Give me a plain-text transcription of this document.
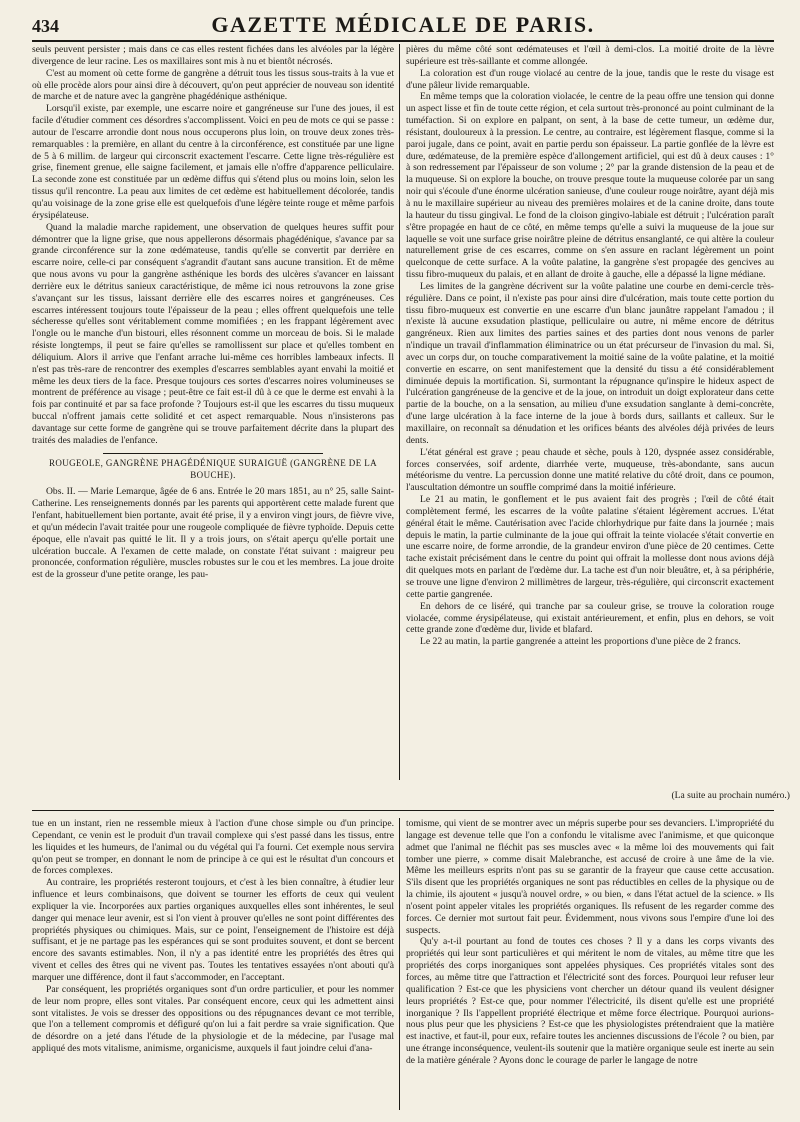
434	GAZETTE MÉDICALE DE PARIS.

seuls peuvent persister ; mais dans ce cas elles restent fichées dans les alvéoles par la légère divergence de leur racine. Les os maxillaires sont mis à nu et bientôt nécrosés.

C'est au moment où cette forme de gangrène a détruit tous les tissus sous-traits à la vue et où elle procède alors pour ainsi dire à découvert, qu'on peut apprécier de nouveau son identité de marche et de nature avec la gangrène phagédénique asthénique.

Lorsqu'il existe, par exemple, une escarre noire et gangréneuse sur l'une des joues, il est facile d'étudier comment ces désordres s'accomplissent. Voici en peu de mots ce qui se passe : autour de l'escarre arrondie dont nous nous occuperons plus loin, on trouve deux zones très-remarquables : la première, en allant du centre à la circonférence, est constituée par une ligne de 5 à 6 millim. de largeur qui circonscrit exactement l'escarre. Cette ligne très-régulière est grise, finement grenue, elle saigne facilement, et jamais elle n'offre d'apparence pelliculaire. La seconde zone est constituée par un œdème diffus qui s'étend plus ou moins loin, selon les tissus qu'il rencontre. La peau aux limites de cet œdème est habituellement décolorée, tandis qu'au voisinage de la zone grise elle est quelquefois d'une légère teinte rouge et même parfois érysipélateuse.

Quand la maladie marche rapidement, une observation de quelques heures suffit pour démontrer que la ligne grise, que nous appellerons désormais phagédénique, s'avance par sa grande circonférence sur la zone œdémateuse, tandis qu'elle se convertit par derrière en escarre noire, celle-ci par conséquent s'agrandit d'autant sans aucune transition. Et de même que nous avons vu pour la gangrène asthénique les bords des ulcères s'avancer en laissant derrière eux le détritus sanieux caractéristique, de même ici nous retrouvons la zone grise s'avançant sur les tissus, laissant derrière elle des escarres noires et gangréneuses. Ces escarres intéressent toujours toute l'épaisseur de la peau ; elles offrent quelquefois une telle sécheresse qu'elles sont véritablement comme momifiées ; en les frappant légèrement avec l'ongle ou le manche d'un bistouri, elles résonnent comme un morceau de bois. Si le malade résiste longtemps, il peut se faire qu'elles se ramollissent sur place et qu'elles tombent en déliquium. Alors il arrive que l'enfant arrache lui-même ces horribles lambeaux infects. Il n'est pas très-rare de rencontrer des exemples d'escarres semblables ayant envahi la moitié et même les deux tiers de la face. Presque toujours ces sortes d'escarres noires volumineuses se montrent de préférence au visage ; peut-être ce fait est-il dû à ce que le derme est envahi à la fois par continuité et par sa face profonde ? Toujours est-il que les escarres du tissu muqueux buccal n'offrent jamais cette solidité et cet aspect remarquable. Nous n'insisterons pas davantage sur cette forme de gangrène qui se trouve parfaitement décrite dans la plupart des traités des maladies de l'enfance.

ROUGEOLE, GANGRÈNE PHAGÉDÉNIQUE SURAIGUË (GANGRÈNE DE LA BOUCHE).

Obs. II. — Marie Lemarque, âgée de 6 ans. Entrée le 20 mars 1851, au n° 25, salle Saint-Catherine. Les renseignements donnés par les parents qui apportèrent cette malade furent que l'enfant, habituellement bien portante, avait été prise, il y a environ vingt jours, de fièvre vive, et qu'un médecin l'avait traitée pour une rougeole compliquée de fièvre typhoïde. Depuis cette époque, elle n'avait pas quitté le lit. Il y a trois jours, on s'était aperçu qu'elle portait une ulcération buccale. A l'examen de cette malade, on constate l'état suivant : maigreur peu prononcée, conformation régulière, muscles robustes sur le cou et les membres. La joue droite est de la grosseur d'une petite orange, les pau-

pières du même côté sont œdémateuses et l'œil à demi-clos. La moitié droite de la lèvre supérieure est très-saillante et comme allongée.

La coloration est d'un rouge violacé au centre de la joue, tandis que le reste du visage est d'une pâleur livide remarquable.

En même temps que la coloration violacée, le centre de la peau offre une tension qui donne un aspect lisse et fin de toute cette région, et cela surtout très-prononcé au point culminant de la tuméfaction. Si on explore en palpant, on sent, à la base de cette tumeur, un œdème dur, résistant, douloureux à la pression. Le centre, au contraire, est légèrement flasque, comme si la paroi jugale, dans ce point, avait en partie perdu son épaisseur. La partie gonflée de la lèvre est dure, œdémateuse, de la première espèce d'allongement artificiel, qui est dû à deux causes : 1° à son redressement par l'épaisseur de son volume ; 2° par la grande distension de la peau et de la muqueuse. Si on explore la bouche, on trouve presque toute la muqueuse colorée par un sang noir qui s'écoule d'une énorme ulcération sanieuse, d'une couleur rouge noirâtre, ayant déjà mis à nu le maxillaire supérieur au niveau des premières molaires et de la canine droite, dans toute la hauteur du tissu gingival. Le fond de la cloison gingivo-labiale est détruit ; l'ulcération paraît s'être propagée en haut de ce côté, en même temps qu'elle a suivi la muqueuse de la joue sur laquelle se voit une surface grise noirâtre pleine de détritus ensanglanté, ce qui altère la couleur naturellement grise de ces escarres, comme on s'en assure en raclant légèrement un point quelconque de cette surface. A la voûte palatine, la gangrène s'est propagée des gencives au tissu fibro-muqueux du palais, et en allant de droite à gauche, elle a dépassé la ligne médiane.

Les limites de la gangrène décrivent sur la voûte palatine une courbe en demi-cercle très-régulière. Dans ce point, il n'existe pas pour ainsi dire d'ulcération, mais toute cette portion du tissu fibro-muqueux est convertie en une escarre d'un blanc jaunâtre rappelant l'amadou ; il n'existe là aucune exsudation plastique, pelliculaire ou autre, ni même encore de détritus gangréneux. Rien aux limites des parties saines et des parties dont nous venons de parler n'indique un travail d'inflammation éliminatrice ou un état précurseur de l'invasion du mal. Si, avec un corps dur, on touche comparativement la moitié saine de la voûte palatine, et la moitié convertie en escarre, on sent manifestement que la densité du tissu a été considérablement diminuée depuis la mortification. Si, surmontant la répugnance qu'inspire le hideux aspect de l'ulcération gangréneuse de la gencive et de la joue, on introduit un doigt explorateur dans cette partie de la bouche, on a la sensation, au milieu d'une exsudation sanglante à demi-concrète, d'une large ulcération à la face interne de la joue à bords durs, saillants et calleux. Sur le maxillaire, on reconnaît sa dénudation et les orifices béants des alvéoles déjà privées de leurs dents.

L'état général est grave ; peau chaude et sèche, pouls à 120, dyspnée assez considérable, forces conservées, soif ardente, diarrhée verte, muqueuse, très-abondante, sans aucun météorisme du ventre. La percussion donne une matité relative du côté droit, dans ce poumon, l'auscultation démontre un souffle comprimé dans la moitié inférieure.

Le 21 au matin, le gonflement et le pus avaient fait des progrès ; l'œil de côté était complètement fermé, les escarres de la voûte palatine s'étaient légèrement accrues. L'état général était le même. Cautérisation avec l'acide chlorhydrique pur faite dans la journée ; mais depuis le matin, la partie culminante de la joue qui offrait la teinte violacée s'était convertie en une escarre noire, de forme arrondie, de la grandeur environ d'une pièce de 20 centimes. Cette tache existait précisément dans le centre du point qui offrait la mollesse dont nous avions déjà dit quelques mots en parlant de l'œdème dur. La tache est d'un noir bleuâtre, et, à sa périphérie, se trouve une ligne d'environ 2 millimètres de largeur, très-régulière, qui circonscrit exactement cette partie gangrenée.

En dehors de ce liséré, qui tranche par sa couleur grise, se trouve la coloration rouge violacée, comme érysipélateuse, qui existait antérieurement, et enfin, plus en dehors, se voit cette grande zone d'œdème dur, livide et blafard.

Le 22 au matin, la partie gangrenée a atteint les proportions d'une pièce de 2 francs.

(La suite au prochain numéro.)

tue en un instant, rien ne ressemble mieux à l'action d'une chose simple ou d'un principe. Cependant, ce venin est le produit d'un travail complexe qui s'est passé dans les tissus, entre les liquides et les humeurs, de l'animal ou du végétal qui l'a fourni. Cet exemple nous servira qu'on peut se tromper, en donnant le nom de principe à ce qui est le résultat d'un concours et de forces complexes.

Au contraire, les propriétés resteront toujours, et c'est à les bien connaître, à étudier leur influence et leurs combinaisons, que doivent se tourner les efforts de ceux qui veulent expliquer la vie. Incorporées aux parties organiques auxquelles elles sont inhérentes, le seul danger qui menace leur avenir, est si l'on vient à prouver qu'elles ne sont point différentes des propriétés physiques ou chimiques. Mais, sur ce point, l'enseignement de l'histoire est déjà suffisant, et je ne partage pas les espérances qui se sont produites souvent, et dont se bercent encore des savants estimables. Non, il n'y a pas identité entre les propriétés des êtres qui vivent et celles des êtres qui ne vivent pas. Toutes les tentatives essayées n'ont abouti qu'à marquer une différence, dont il faut s'accommoder, en l'acceptant.

Par conséquent, les propriétés organiques sont d'un ordre particulier, et pour les nommer de leur nom propre, elles sont vitales. Par conséquent encore, ceux qui les admettent ainsi sont vitalistes. Je vois se dresser des oppositions ou des répugnances devant ce mot terrible, que l'on a tellement compromis et défiguré qu'on lui a fait perdre sa vraie signification. Que de désordre on a jeté dans l'étude de la physiologie et de la médecine, par l'usage mal appliqué des mots vitalisme, animisme, organicisme, auxquels il faut joindre celui d'ana-

tomisme, qui vient de se montrer avec un mépris superbe pour ses devanciers. L'impropriété du langage est devenue telle que l'on a confondu le vitalisme avec l'animisme, et que quiconque admet que l'animal ne fléchit pas ses muscles avec « la même loi des mouvements qui fait tomber une pierre, » comme disait Malebranche, est accusé de croire à une âme de la vie. Même les meilleurs esprits n'ont pas su se garantir de la frayeur que cause cette accusation. S'ils disent que les propriétés organiques ne sont pas réductibles en celles de la physique ou de la chimie, ils ajoutent « jusqu'à nouvel ordre, » ou bien, « dans l'état actuel de la science. » Ils n'osent point appeler vitales les propriétés organiques. Ils refusent de les regarder comme des forces. Ce dernier mot surtout fait peur. Évidemment, nous vivons sous l'empire d'une loi des suspects.

Qu'y a-t-il pourtant au fond de toutes ces choses ? Il y a dans les corps vivants des propriétés qui leur sont particulières et qui méritent le nom de vitales, au même titre que les propriétés des corps inorganiques sont appelées physiques. Ces propriétés vitales sont des forces, au même titre que l'attraction et l'électricité sont des forces. Pourquoi leur refuser leur qualification ? Est-ce que les physiciens vont chercher un détour quand ils veulent désigner leurs propriétés ? Est-ce que, pour nommer l'électricité, ils disent qu'elle est une propriété inorganique ? Ils l'appellent propriété électrique et même force électrique. Pourquoi aurions-nous plus peur que les physiciens ? Est-ce que les physiologistes prétendraient que la matière est inactive, et faut-il, pour eux, refaire toutes les anciennes discussions de l'école ? ou bien, par une étrange inconséquence, veulent-ils soutenir que la matière organique seule est inerte au sein de la matière générale ? Ayons donc le courage de parler le langage de notre
